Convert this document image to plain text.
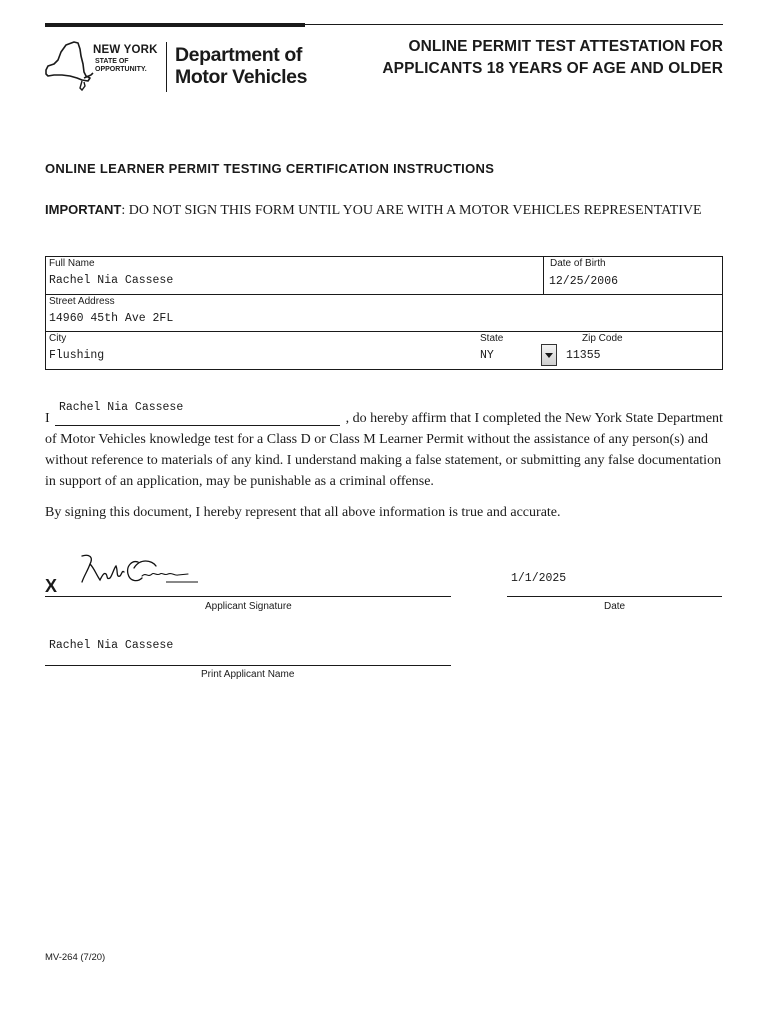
NEW YORK
STATE OF
OPPORTUNITY.
Department of
Motor Vehicles
ONLINE PERMIT TEST ATTESTATION FOR
APPLICANTS 18 YEARS OF AGE AND OLDER
ONLINE LEARNER PERMIT TESTING CERTIFICATION INSTRUCTIONS
IMPORTANT: DO NOT SIGN THIS FORM UNTIL YOU ARE WITH A MOTOR VEHICLES REPRESENTATIVE
Full Name
Rachel Nia Cassese
Date of Birth
12/25/2006
Street Address
14960 45th Ave 2FL
City
Flushing
State
NY
Zip Code
11355
Rachel Nia Cassese
I	, do hereby affirm that I completed the New York State Department of Motor Vehicles knowledge test for a Class D or Class M Learner Permit without the assistance of any person(s) and without reference to materials of any kind. I understand making a false statement, or submitting any false documentation in support of an application, may be punishable as a criminal offense.
By signing this document, I hereby represent that all above information is true and accurate.
X
Applicant Signature
1/1/2025
Date
Rachel Nia Cassese
Print Applicant Name
MV-264 (7/20)
